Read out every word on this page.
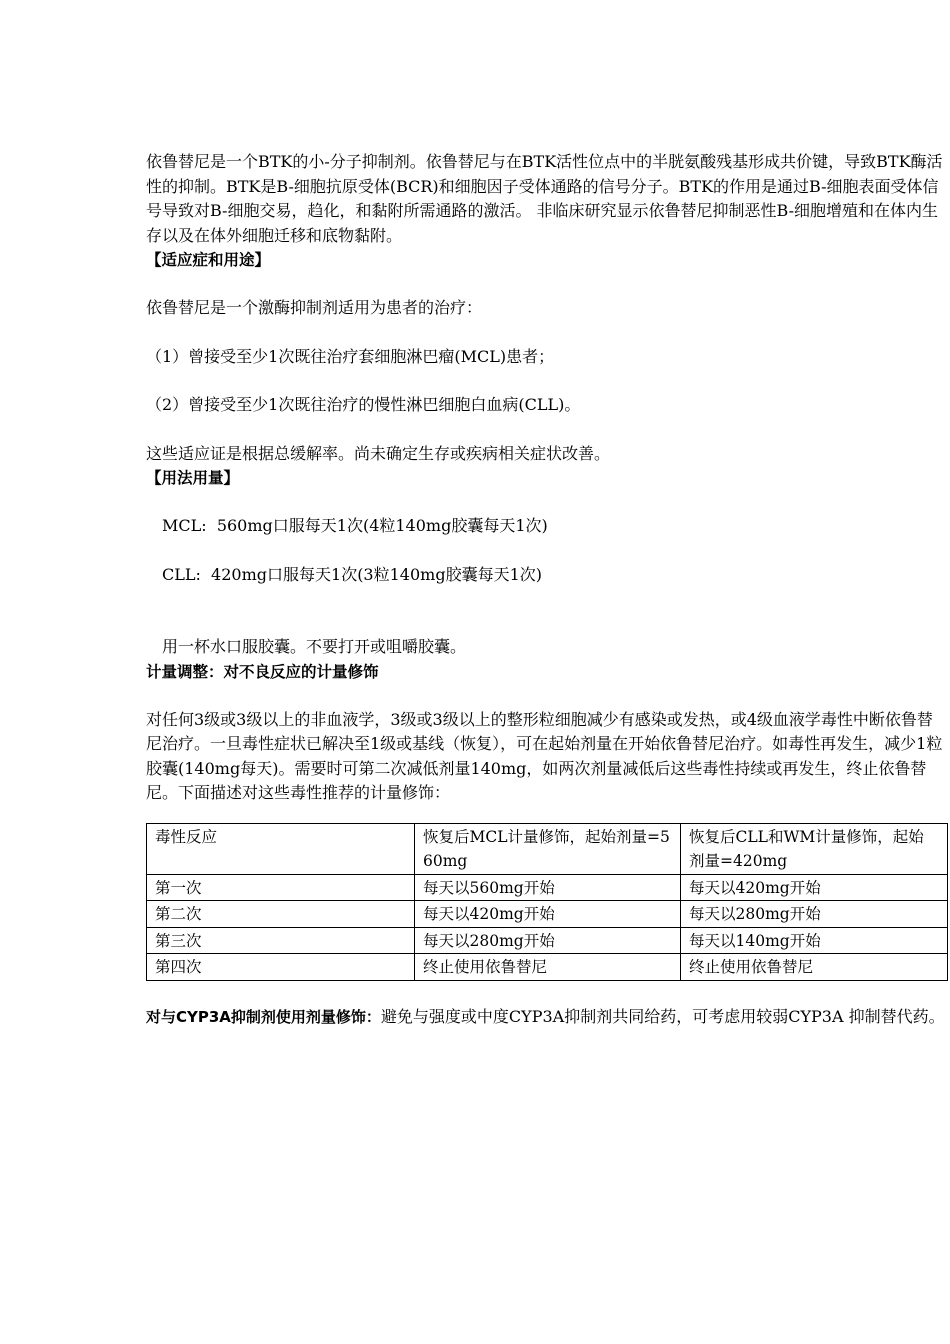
依鲁替尼是一个BTK的小-分子抑制剂。依鲁替尼与在BTK活性位点中的半胱氨酸残基形成共价键，导致BTK酶活性的抑制。BTK是B-细胞抗原受体(BCR)和细胞因子受体通路的信号分子。BTK的作用是通过B-细胞表面受体信号导致对B-细胞交易，趋化，和黏附所需通路的激活。 非临床研究显示依鲁替尼抑制恶性B-细胞增殖和在体内生存以及在体外细胞迁移和底物黏附。

【适应症和用途】

依鲁替尼是一个激酶抑制剂适用为患者的治疗：

（1）曾接受至少1次既往治疗套细胞淋巴瘤(MCL)患者；

（2）曾接受至少1次既往治疗的慢性淋巴细胞白血病(CLL)。

这些适应证是根据总缓解率。尚未确定生存或疾病相关症状改善。

【用法用量】

MCL:  560mg口服每天1次(4粒140mg胶囊每天1次)

CLL:  420mg口服每天1次(3粒140mg胶囊每天1次)

用一杯水口服胶囊。不要打开或咀嚼胶囊。

计量调整：对不良反应的计量修饰

对任何3级或3级以上的非血液学，3级或3级以上的整形粒细胞减少有感染或发热，或4级血液学毒性中断依鲁替尼治疗。一旦毒性症状已解决至1级或基线（恢复），可在起始剂量在开始依鲁替尼治疗。如毒性再发生，减少1粒胶囊(140mg每天)。需要时可第二次减低剂量140mg，如两次剂量减低后这些毒性持续或再发生，终止依鲁替尼。下面描述对这些毒性推荐的计量修饰：

毒性反应	恢复后MCL计量修饰，起始剂量=560mg	恢复后CLL和WM计量修饰，起始剂量=420mg
第一次	每天以560mg开始	每天以420mg开始
第二次	每天以420mg开始	每天以280mg开始
第三次	每天以280mg开始	每天以140mg开始
第四次	终止使用依鲁替尼	终止使用依鲁替尼

对与CYP3A抑制剂使用剂量修饰：避免与强度或中度CYP3A抑制剂共同给药，可考虑用较弱CYP3A 抑制替代药。
